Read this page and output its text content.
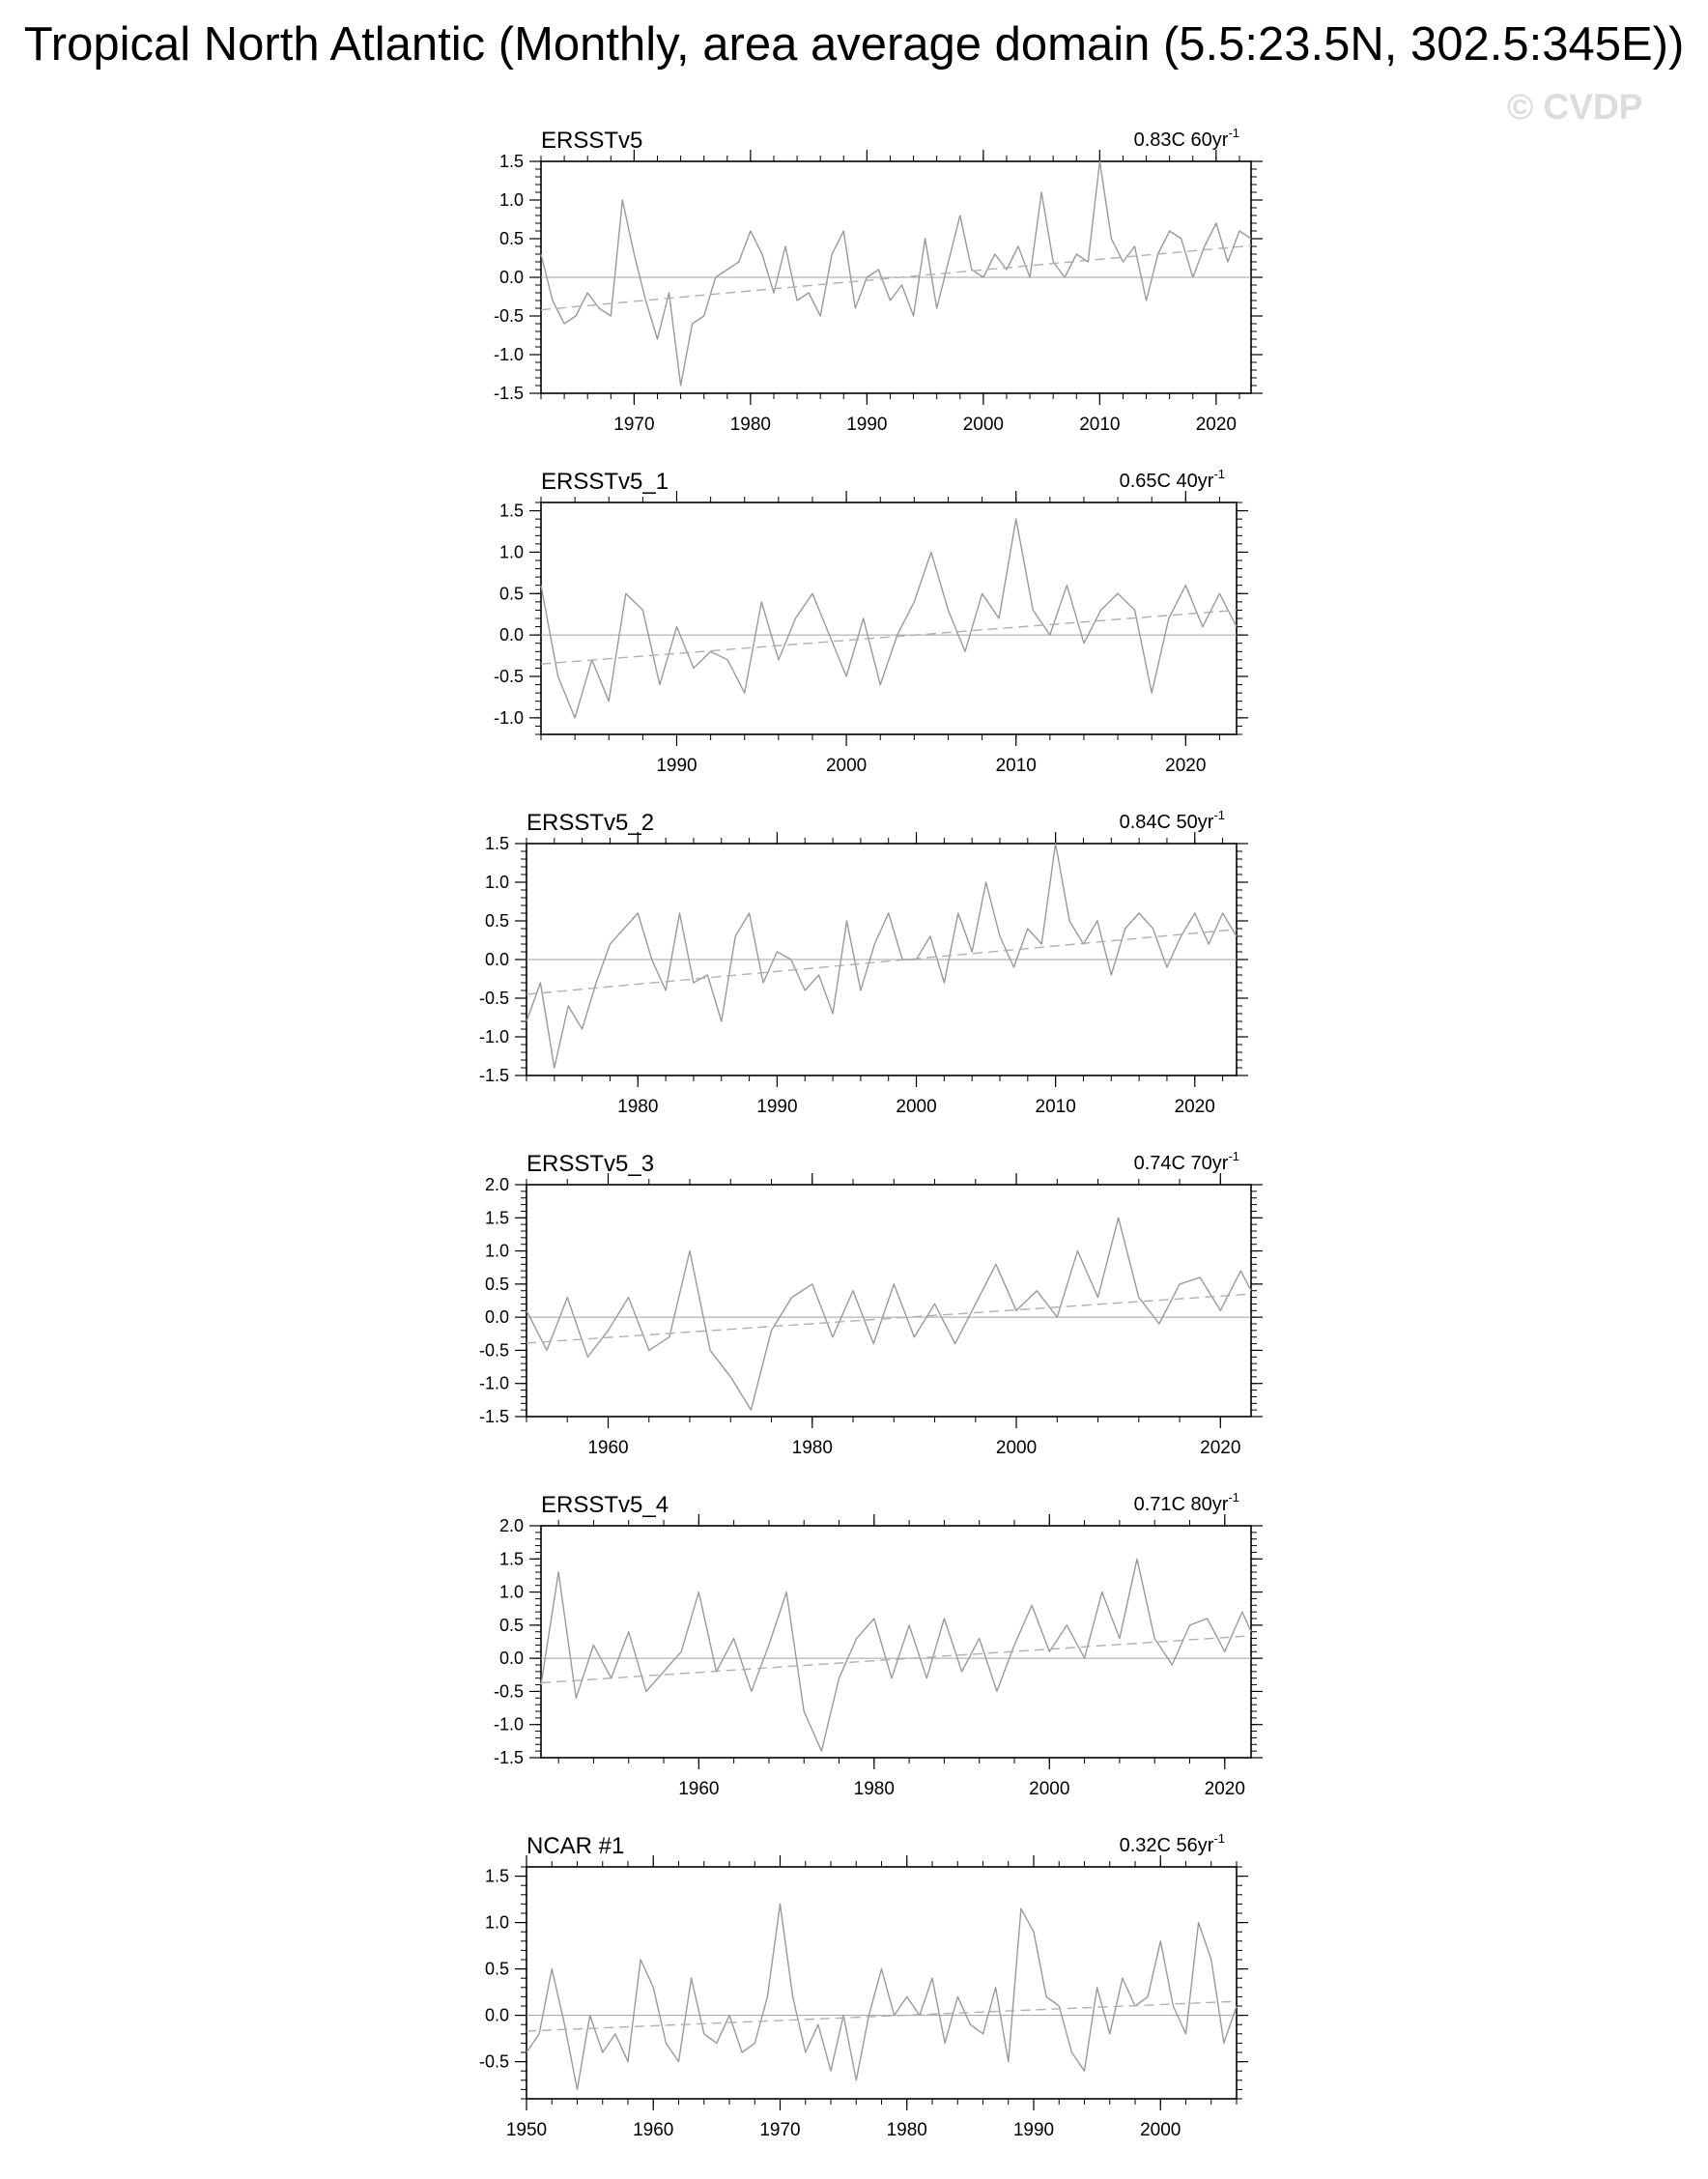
Tropical North Atlantic (Monthly, area average domain (5.5:23.5N, 302.5:345E))
© CVDP
ERSSTv5	0.83C $60yr^{-1}$
-1.5
-1.0
-0.5
0.0
0.5
1.0
1.5
1970	1980	1990	2000	2010	2020
ERSSTv5_1	0.65C $40yr^{-1}$
-1.0
-0.5
0.0
0.5
1.0
1.5
1990	2000	2010	2020
ERSSTv5_2	0.84C $50yr^{-1}$
-1.5
-1.0
-0.5
0.0
0.5
1.0
1.5
1980	1990	2000	2010	2020
ERSSTv5_3	0.74C $70yr^{-1}$
-1.5
-1.0
-0.5
0.0
0.5
1.0
1.5
2.0
1960	1980	2000	2020
ERSSTv5_4	0.71C $80yr^{-1}$
-1.5
-1.0
-0.5
0.0
0.5
1.0
1.5
2.0
1960	1980	2000	2020
NCAR #1	0.32C $56yr^{-1}$
-0.5
0.0
0.5
1.0
1.5
1950	1960	1970	1980	1990	2000
